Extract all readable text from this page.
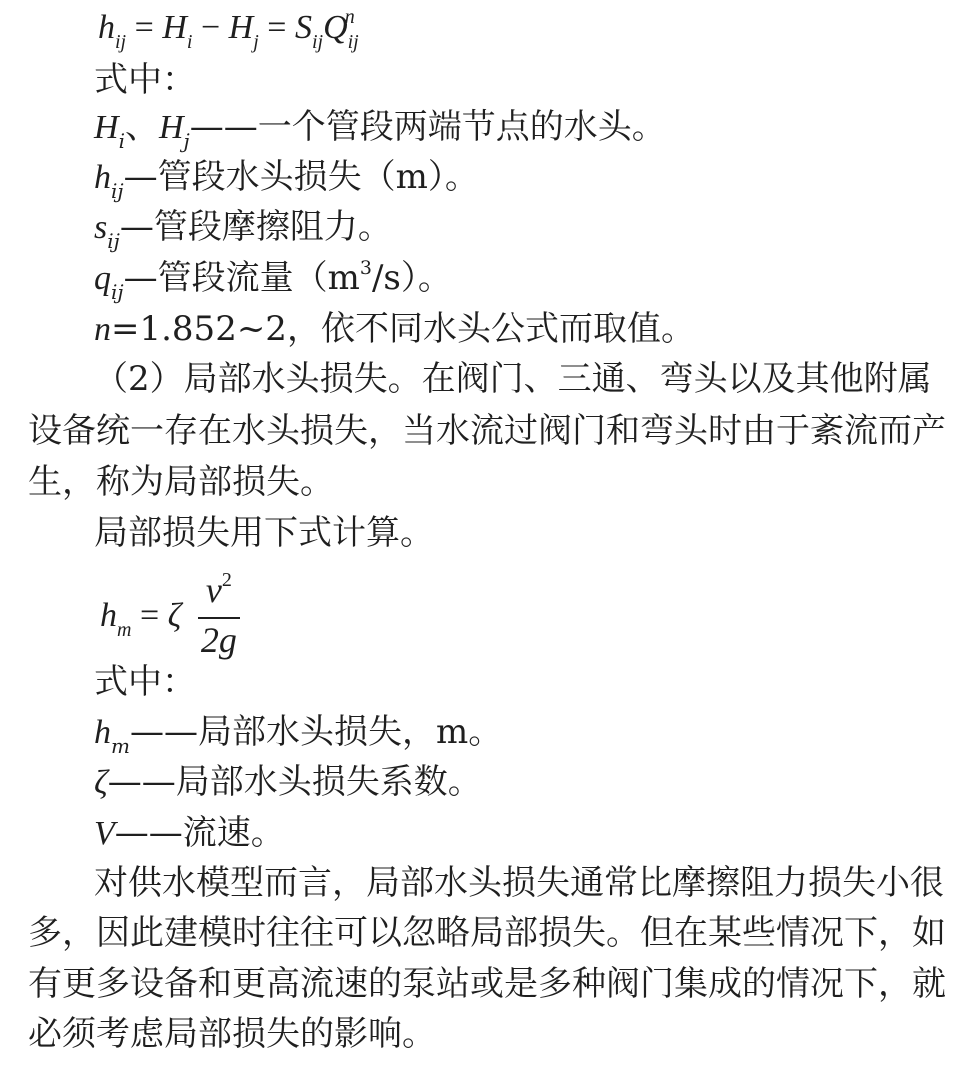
$h_{ij} = H_i - H_j = S_{ij}Q_{ij}^n$
式中：
$H_i$、$H_j——$一个管段两端节点的水头。
$h_{ij}—$管段水头损失（m）。
$s_{ij}—$管段摩擦阻力。
$q_{ij}—$管段流量$(m^3/s)$。
n=1.852~2，依不同水头公式而取值。
（2）局部水头损失。在阀门、三通、弯头以及其他附属
设备统一存在水头损失，当水流过阀门和弯头时由于紊流而产
生，称为局部损失。
局部损失用下式计算。
$h_m = \zeta \frac{v^2}{2g}$
式中：
$h_m——$局部水头损失，m。
ζ——局部水头损失系数。
V——流速。
对供水模型而言，局部水头损失通常比摩擦阻力损失小很
多，因此建模时往往可以忽略局部损失。但在某些情况下，如
有更多设备和更高流速的泵站或是多种阀门集成的情况下，就
必须考虑局部损失的影响。
